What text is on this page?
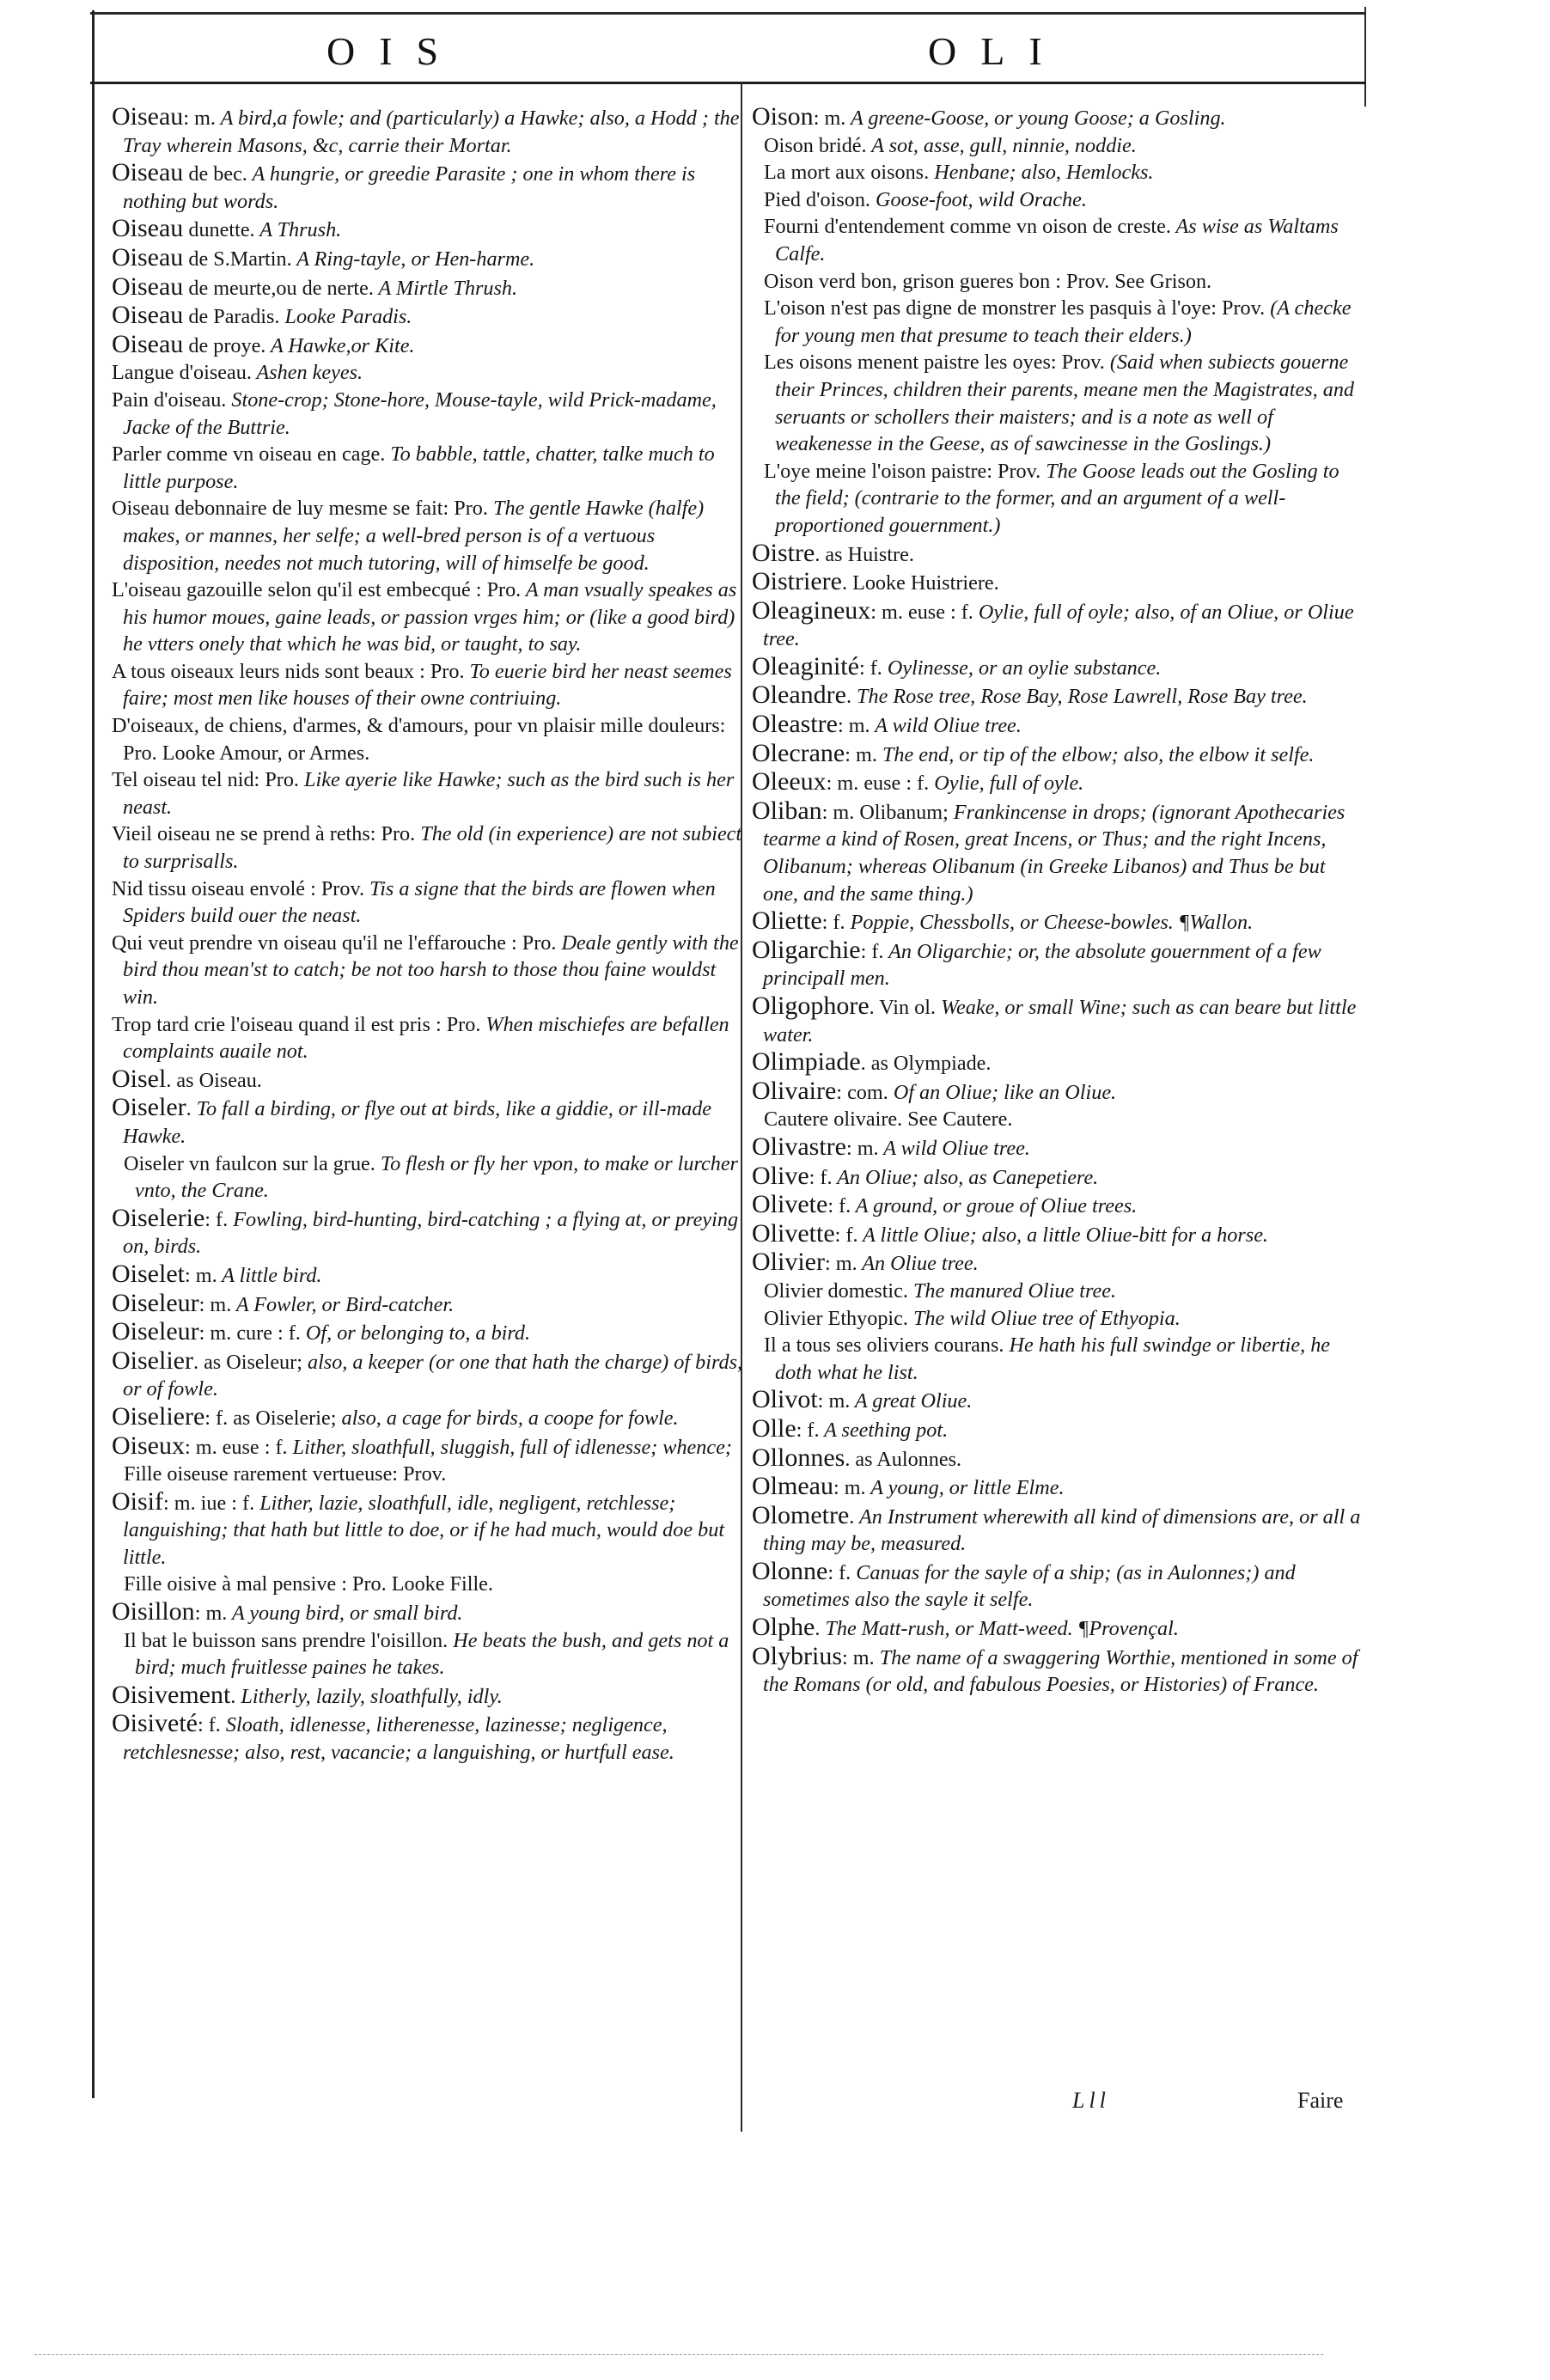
OIS	OLI

Oiseau: m. A bird,a fowle; and (particularly) a Hawke; also, a Hodd ; the Tray wherein Masons, &c, carrie their Mortar.

Oiseau de bec. A hungrie, or greedie Parasite ; one in whom there is nothing but words.

Oiseau dunette. A Thrush.

Oiseau de S.Martin. A Ring-tayle, or Hen-harme.

Oiseau de meurte,ou de nerte. A Mirtle Thrush.

Oiseau de Paradis. Looke Paradis.

Oiseau de proye. A Hawke,or Kite.

Langue d'oiseau. Ashen keyes.

Pain d'oiseau. Stone-crop; Stone-hore, Mouse-tayle, wild Prick-madame, Jacke of the Buttrie.

Parler comme vn oiseau en cage. To babble, tattle, chatter, talke much to little purpose.

Oiseau debonnaire de luy mesme se fait: Pro. The gentle Hawke (halfe) makes, or mannes, her selfe; a well-bred person is of a vertuous disposition, needes not much tutoring, will of himselfe be good.

L'oiseau gazouille selon qu'il est embecqué : Pro. A man vsually speakes as his humor moues, gaine leads, or passion vrges him; or (like a good bird) he vtters onely that which he was bid, or taught, to say.

A tous oiseaux leurs nids sont beaux : Pro. To euerie bird her neast seemes faire; most men like houses of their owne contriuing.

D'oiseaux, de chiens, d'armes, & d'amours, pour vn plaisir mille douleurs: Pro. Looke Amour, or Armes.

Tel oiseau tel nid: Pro. Like ayerie like Hawke; such as the bird such is her neast.

Vieil oiseau ne se prend à reths: Pro. The old (in experience) are not subiect to surprisalls.

Nid tissu oiseau envolé : Prov. Tis a signe that the birds are flowen when Spiders build ouer the neast.

Qui veut prendre vn oiseau qu'il ne l'effarouche : Pro. Deale gently with the bird thou mean'st to catch; be not too harsh to those thou faine wouldst win.

Trop tard crie l'oiseau quand il est pris : Pro. When mischiefes are befallen complaints auaile not.

Oisel. as Oiseau.

Oiseler. To fall a birding, or flye out at birds, like a giddie, or ill-made Hawke.

Oiseler vn faulcon sur la grue. To flesh or fly her vpon, to make or lurcher vnto, the Crane.

Oiselerie: f. Fowling, bird-hunting, bird-catching ; a flying at, or preying on, birds.

Oiselet: m. A little bird.

Oiseleur: m. A Fowler, or Bird-catcher.

Oiseleur: m. cure : f. Of, or belonging to, a bird.

Oiselier. as Oiseleur; also, a keeper (or one that hath the charge) of birds, or of fowle.

Oiseliere: f. as Oiselerie; also, a cage for birds, a coope for fowle.

Oiseux: m. euse : f. Lither, sloathfull, sluggish, full of idlenesse; whence;

Fille oiseuse rarement vertueuse: Prov.

Oisif: m. iue : f. Lither, lazie, sloathfull, idle, negligent, retchlesse; languishing; that hath but little to doe, or if he had much, would doe but little.

Fille oisive à mal pensive : Pro. Looke Fille.

Oisillon: m. A young bird, or small bird.

Il bat le buisson sans prendre l'oisillon. He beats the bush, and gets not a bird; much fruitlesse paines he takes.

Oisivement. Litherly, lazily, sloathfully, idly.

Oisiveté: f. Sloath, idlenesse, litherenesse, lazinesse; negligence, retchlesnesse; also, rest, vacancie; a languishing, or hurtfull ease.

Oison: m. A greene-Goose, or young Goose; a Gosling.

Oison bridé. A sot, asse, gull, ninnie, noddie.

La mort aux oisons. Henbane; also, Hemlocks.

Pied d'oison. Goose-foot, wild Orache.

Fourni d'entendement comme vn oison de creste. As wise as Waltams Calfe.

Oison verd bon, grison gueres bon : Prov. See Grison.

L'oison n'est pas digne de monstrer les pasquis à l'oye: Prov. (A checke for young men that presume to teach their elders.)

Les oisons menent paistre les oyes: Prov. (Said when subiects gouerne their Princes, children their parents, meane men the Magistrates, and seruants or schollers their maisters; and is a note as well of weakenesse in the Geese, as of sawcinesse in the Goslings.)

L'oye meine l'oison paistre: Prov. The Goose leads out the Gosling to the field; (contrarie to the former, and an argument of a well-proportioned gouernment.)

Oistre. as Huistre.

Oistriere. Looke Huistriere.

Oleagineux: m. euse : f. Oylie, full of oyle; also, of an Oliue, or Oliue tree.

Oleaginité: f. Oylinesse, or an oylie substance.

Oleandre. The Rose tree, Rose Bay, Rose Lawrell, Rose Bay tree.

Oleastre: m. A wild Oliue tree.

Olecrane: m. The end, or tip of the elbow; also, the elbow it selfe.

Oleeux: m. euse : f. Oylie, full of oyle.

Oliban: m. Olibanum; Frankincense in drops; (ignorant Apothecaries tearme a kind of Rosen, great Incens, or Thus; and the right Incens, Olibanum; whereas Olibanum (in Greeke Libanos) and Thus be but one, and the same thing.)

Oliette: f. Poppie, Chessbolls, or Cheese-bowles. ¶Wallon.

Oligarchie: f. An Oligarchie; or, the absolute gouernment of a few principall men.

Oligophore. Vin ol. Weake, or small Wine; such as can beare but little water.

Olimpiade. as Olympiade.

Olivaire: com. Of an Oliue; like an Oliue.

Cautere olivaire. See Cautere.

Olivastre: m. A wild Oliue tree.

Olive: f. An Oliue; also, as Canepetiere.

Olivete: f. A ground, or groue of Oliue trees.

Olivette: f. A little Oliue; also, a little Oliue-bitt for a horse.

Olivier: m. An Oliue tree.

Olivier domestic. The manured Oliue tree.

Olivier Ethyopic. The wild Oliue tree of Ethyopia.

Il a tous ses oliviers courans. He hath his full swindge or libertie, he doth what he list.

Olivot: m. A great Oliue.

Olle: f. A seething pot.

Ollonnes. as Aulonnes.

Olmeau: m. A young, or little Elme.

Olometre. An Instrument wherewith all kind of dimensions are, or all a thing may be, measured.

Olonne: f. Canuas for the sayle of a ship; (as in Aulonnes;) and sometimes also the sayle it selfe.

Olphe. The Matt-rush, or Matt-weed. ¶Provençal.

Olybrius: m. The name of a swaggering Worthie, mentioned in some of the Romans (or old, and fabulous Poesies, or Histories) of France.

Lll	Faire
